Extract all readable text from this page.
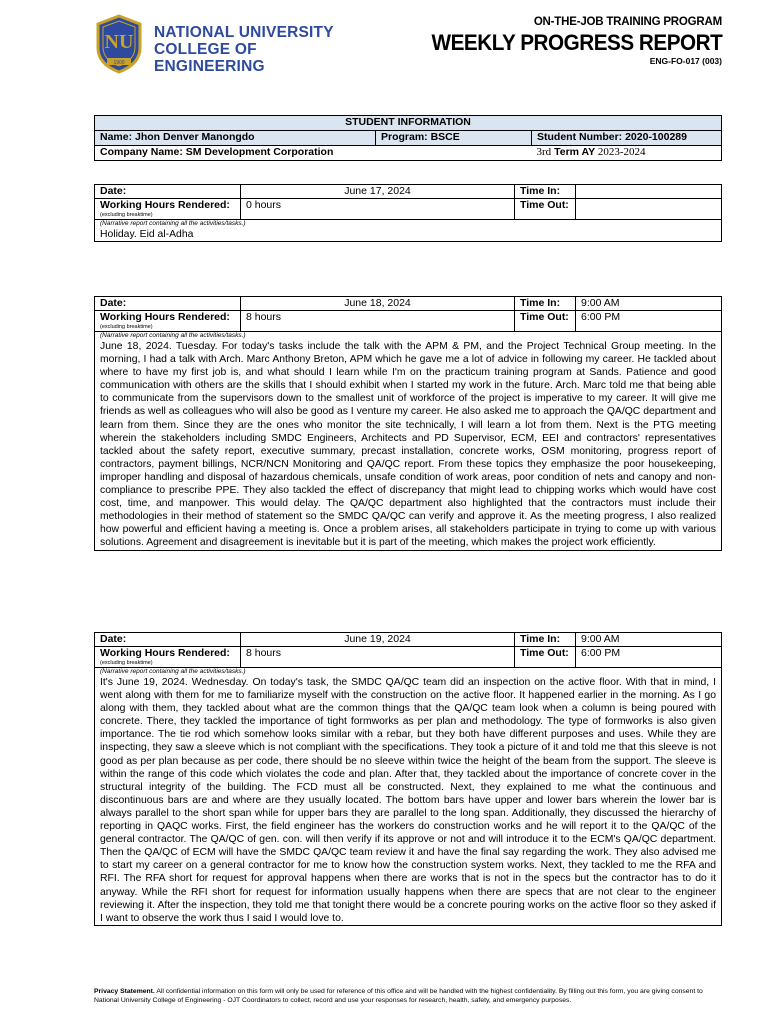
NU
1900
NATIONAL UNIVERSITY
COLLEGE OF ENGINEERING
ON-THE-JOB TRAINING PROGRAM
WEEKLY PROGRESS REPORT
ENG-FO-017 (003)
STUDENT INFORMATION		
Name: Jhon Denver Manongdo	Program: BSCE	Student Number: 2020-100289
Company Name: SM Development Corporation		3rd Term AY 2023-2024
Date:	June 17, 2024	Time In:	
Working Hours Rendered:
(excluding breaktime)	0 hours	Time Out:	

(Narrative report containing all the activities/tasks.)
Holiday. Eid al-Adha			
Date:	June 18, 2024	Time In:	9:00 AM
Working Hours Rendered:
(excluding breaktime)	8 hours	Time Out:	6:00 PM

(Narrative report containing all the activities/tasks.)
June 18, 2024. Tuesday. For today's tasks include the talk with the APM & PM, and the Project Technical Group meeting. In the morning, I had a talk with Arch. Marc Anthony Breton, APM which he gave me a lot of advice in following my career. He tackled about where to have my first job is, and what should I learn while I'm on the practicum training program at Sands. Patience and good communication with others are the skills that I should exhibit when I started my work in the future. Arch. Marc told me that being able to communicate from the supervisors down to the smallest unit of workforce of the project is imperative to my career. It will give me friends as well as colleagues who will also be good as I venture my career. He also asked me to approach the QA/QC department and learn from them. Since they are the ones who monitor the site technically, I will learn a lot from them. Next is the PTG meeting wherein the stakeholders including SMDC Engineers, Architects and PD Supervisor, ECM, EEI and contractors' representatives tackled about the safety report, executive summary, precast installation, concrete works, OSM monitoring, progress report of contractors, payment billings, NCR/NCN Monitoring and QA/QC report. From these topics they emphasize the poor housekeeping, improper handling and disposal of hazardous chemicals, unsafe condition of work areas, poor condition of nets and canopy and non-compliance to prescribe PPE. They also tackled the effect of discrepancy that might lead to chipping works which would have cost cost, time, and manpower. This would delay. The QA/QC department also highlighted that the contractors must include their methodologies in their method of statement so the SMDC QA/QC can verify and approve it. As the meeting progress, I also realized how powerful and efficient having a meeting is. Once a problem arises, all stakeholders participate in trying to come up with various solutions. Agreement and disagreement is inevitable but it is part of the meeting, which makes the project work efficiently.			
Date:	June 19, 2024	Time In:	9:00 AM
Working Hours Rendered:
(excluding breaktime)	8 hours	Time Out:	6:00 PM

(Narrative report containing all the activities/tasks.)
It's June 19, 2024. Wednesday. On today's task, the SMDC QA/QC team did an inspection on the active floor. With that in mind, I went along with them for me to familiarize myself with the construction on the active floor. It happened earlier in the morning. As I go along with them, they tackled about what are the common things that the QA/QC team look when a column is being poured with concrete. There, they tackled the importance of tight formworks as per plan and methodology. The type of formworks is also given importance. The tie rod which somehow looks similar with a rebar, but they both have different purposes and uses. While they are inspecting, they saw a sleeve which is not compliant with the specifications. They took a picture of it and told me that this sleeve is not good as per plan because as per code, there should be no sleeve within twice the height of the beam from the support. The sleeve is within the range of this code which violates the code and plan. After that, they tackled about the importance of concrete cover in the structural integrity of the building. The FCD must all be constructed. Next, they explained to me what the continuous and discontinuous bars are and where are they usually located. The bottom bars have upper and lower bars wherein the lower bar is always parallel to the short span while for upper bars they are parallel to the long span. Additionally, they discussed the hierarchy of reporting in QAQC works. First, the field engineer has the workers do construction works and he will report it to the QA/QC of the general contractor. The QA/QC of gen. con. will then verify if its approve or not and will introduce it to the ECM's QA/QC department. Then the QA/QC of ECM will have the SMDC QA/QC team review it and have the final say regarding the work. They also advised me to start my career on a general contractor for me to know how the construction system works. Next, they tackled to me the RFA and RFI. The RFA short for request for approval happens when there are works that is not in the specs but the contractor has to do it anyway. While the RFI short for request for information usually happens when there are specs that are not clear to the engineer reviewing it. After the inspection, they told me that tonight there would be a concrete pouring works on the active floor so they asked if I want to observe the work thus I said I would love to.			
Privacy Statement. All confidential information on this form will only be used for reference of this office and will be handled with the highest confidentiality. By filling out this form, you are giving consent to National University College of Engineering - OJT Coordinators to collect, record and use your responses for research, health, safety, and emergency purposes.
